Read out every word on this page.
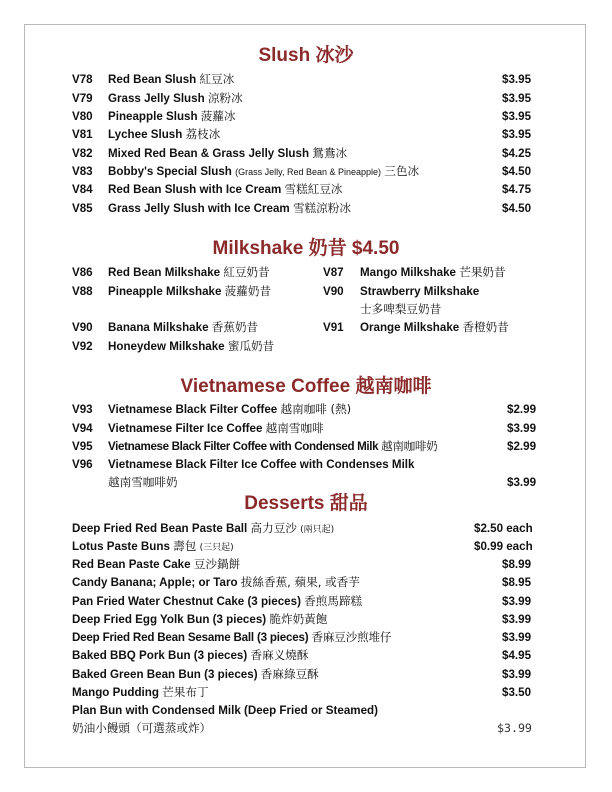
Slush 冰沙
V78 Red Bean Slush 紅豆冰	$3.95
V79 Grass Jelly Slush 涼粉冰	$3.95
V80 Pineapple Slush 菠蘿冰	$3.95
V81 Lychee Slush 荔枝冰	$3.95
V82 Mixed Red Bean & Grass Jelly Slush 鴛鴦冰	$4.25
V83 Bobby's Special Slush (Grass Jelly, Red Bean & Pineapple) 三色冰	$4.50
V84 Red Bean Slush with Ice Cream 雪糕紅豆冰	$4.75
V85 Grass Jelly Slush with Ice Cream 雪糕涼粉冰	$4.50
Milkshake 奶昔 $4.50
V86 Red Bean Milkshake 紅豆奶昔	V87 Mango Milkshake 芒果奶昔
V88 Pineapple Milkshake 菠蘿奶昔	V90 Strawberry Milkshake
士多啤梨豆奶昔
V90 Banana Milkshake 香蕉奶昔	V91 Orange Milkshake 香橙奶昔
V92 Honeydew Milkshake 蜜瓜奶昔
Vietnamese Coffee 越南咖啡
V93 Vietnamese Black Filter Coffee 越南咖啡 (熱)	$2.99
V94 Vietnamese Filter Ice Coffee 越南雪咖啡	$3.99
V95 Vietnamese Black Filter Coffee with Condensed Milk 越南咖啡奶	$2.99
V96 Vietnamese Black Filter Ice Coffee with Condenses Milk
越南雪咖啡奶	$3.99
Desserts 甜品
Deep Fried Red Bean Paste Ball 高力豆沙 (兩只起)	$2.50 each
Lotus Paste Buns 壽包 (三只起)	$0.99 each
Red Bean Paste Cake 豆沙鍋餅	$8.99
Candy Banana; Apple; or Taro 拔絲香蕉, 蘋果, 或香芋	$8.95
Pan Fried Water Chestnut Cake (3 pieces) 香煎馬蹄糕	$3.99
Deep Fried Egg Yolk Bun (3 pieces) 脆炸奶黃飽	$3.99
Deep Fried Red Bean Sesame Ball (3 pieces) 香麻豆沙煎堆仔	$3.99
Baked BBQ Pork Bun (3 pieces) 香麻义燒酥	$4.95
Baked Green Bean Bun (3 pieces) 香麻綠豆酥	$3.99
Mango Pudding 芒果布丁	$3.50
Plan Bun with Condensed Milk (Deep Fried or Steamed)
奶油小饅頭（可選蒸或炸）	$3.99
